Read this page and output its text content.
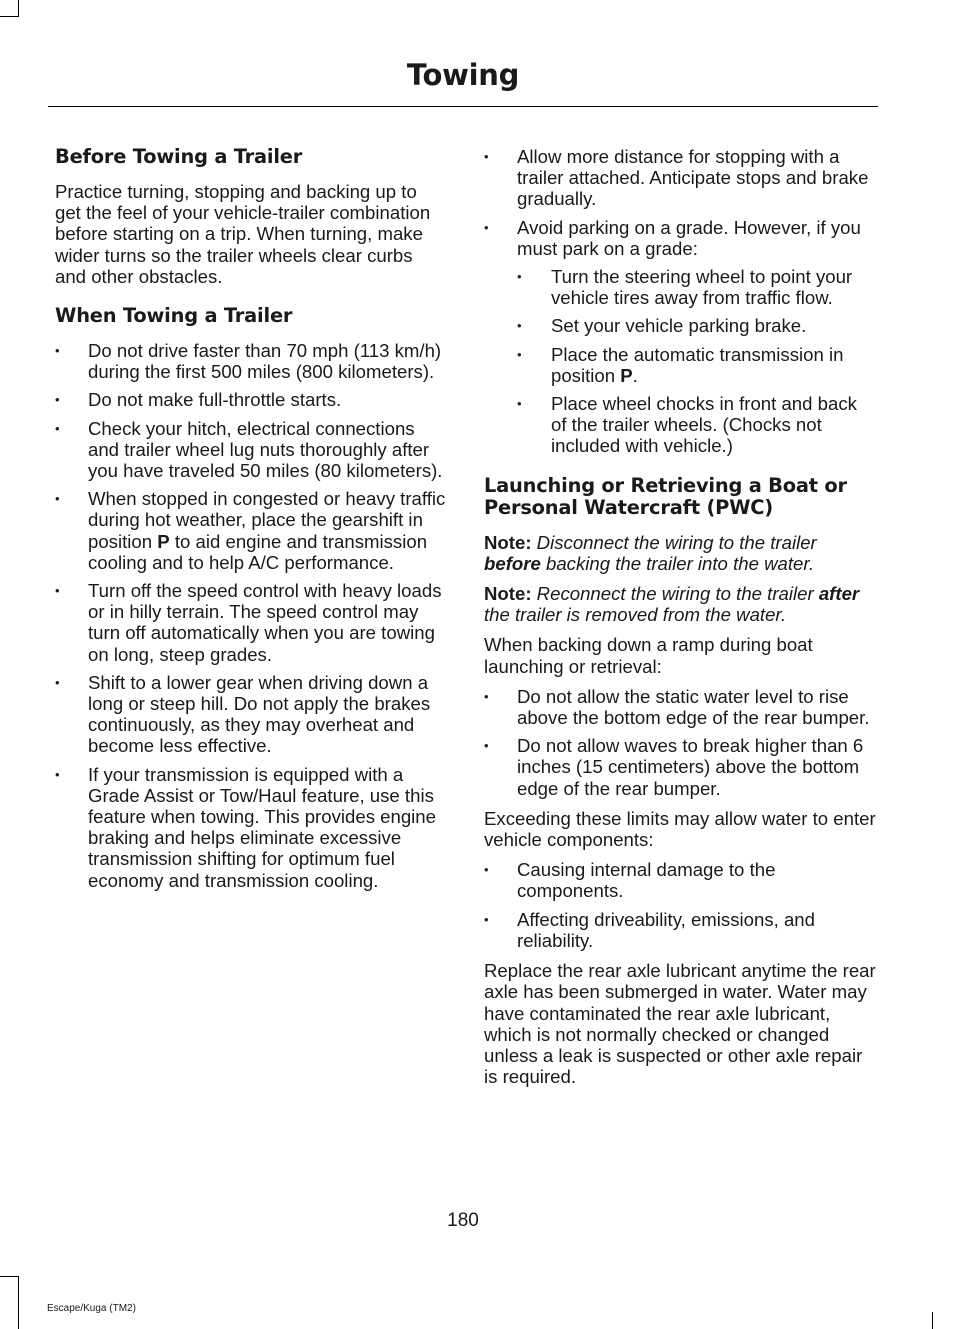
Towing
Before Towing a Trailer

Practice turning, stopping and backing up to get the feel of your vehicle-trailer combination before starting on a trip. When turning, make wider turns so the trailer wheels clear curbs and other obstacles.

When Towing a Trailer
• Do not drive faster than 70 mph (113 km/h) during the first 500 miles (800 kilometers).
• Do not make full-throttle starts.
• Check your hitch, electrical connections and trailer wheel lug nuts thoroughly after you have traveled 50 miles (80 kilometers).
• When stopped in congested or heavy traffic during hot weather, place the gearshift in position P to aid engine and transmission cooling and to help A/C performance.
• Turn off the speed control with heavy loads or in hilly terrain. The speed control may turn off automatically when you are towing on long, steep grades.
• Shift to a lower gear when driving down a long or steep hill. Do not apply the brakes continuously, as they may overheat and become less effective.
• If your transmission is equipped with a Grade Assist or Tow/Haul feature, use this feature when towing. This provides engine braking and helps eliminate excessive transmission shifting for optimum fuel economy and transmission cooling.
• Allow more distance for stopping with a trailer attached. Anticipate stops and brake gradually.
• Avoid parking on a grade. However, if you must park on a grade:
• Turn the steering wheel to point your vehicle tires away from traffic flow.
• Set your vehicle parking brake.
• Place the automatic transmission in position P.
• Place wheel chocks in front and back of the trailer wheels. (Chocks not included with vehicle.)
Launching or Retrieving a Boat or Personal Watercraft (PWC)

Note: Disconnect the wiring to the trailer before backing the trailer into the water.

Note: Reconnect the wiring to the trailer after the trailer is removed from the water.

When backing down a ramp during boat launching or retrieval:

• Do not allow the static water level to rise above the bottom edge of the rear bumper.
• Do not allow waves to break higher than 6 inches (15 centimeters) above the bottom edge of the rear bumper.

Exceeding these limits may allow water to enter vehicle components:

• Causing internal damage to the components.
• Affecting driveability, emissions, and reliability.

Replace the rear axle lubricant anytime the rear axle has been submerged in water. Water may have contaminated the rear axle lubricant, which is not normally checked or changed unless a leak is suspected or other axle repair is required.

180
Escape/Kuga (TM2)
